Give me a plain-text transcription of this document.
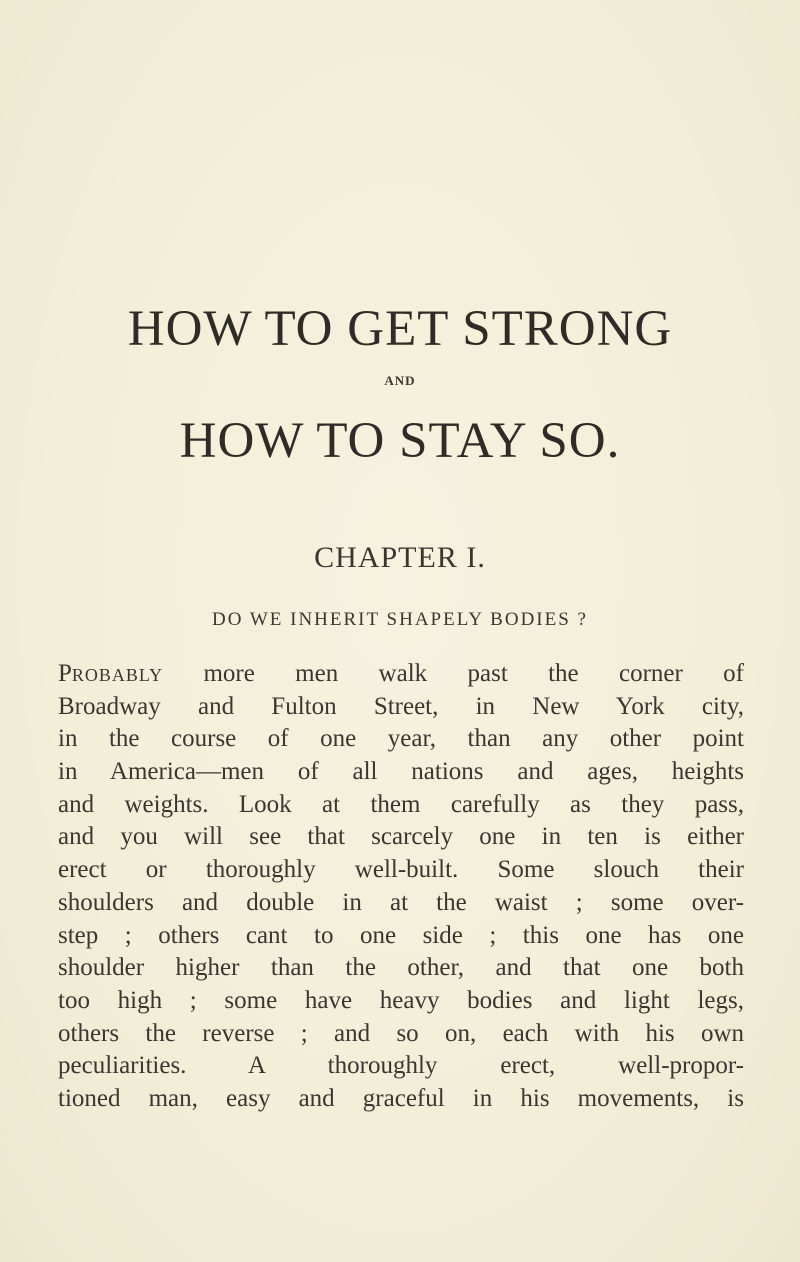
HOW TO GET STRONG
AND
HOW TO STAY SO.
CHAPTER I.
DO WE INHERIT SHAPELY BODIES ?
Probably more men walk past the corner of
Broadway and Fulton Street, in New York city,
in the course of one year, than any other point
in America—men of all nations and ages, heights
and weights. Look at them carefully as they pass,
and you will see that scarcely one in ten is either
erect or thoroughly well-built. Some slouch their
shoulders and double in at the waist ; some over-
step ; others cant to one side ; this one has one
shoulder higher than the other, and that one both
too high ; some have heavy bodies and light legs,
others the reverse ; and so on, each with his own
peculiarities. A thoroughly erect, well-propor-
tioned man, easy and graceful in his movements, is
